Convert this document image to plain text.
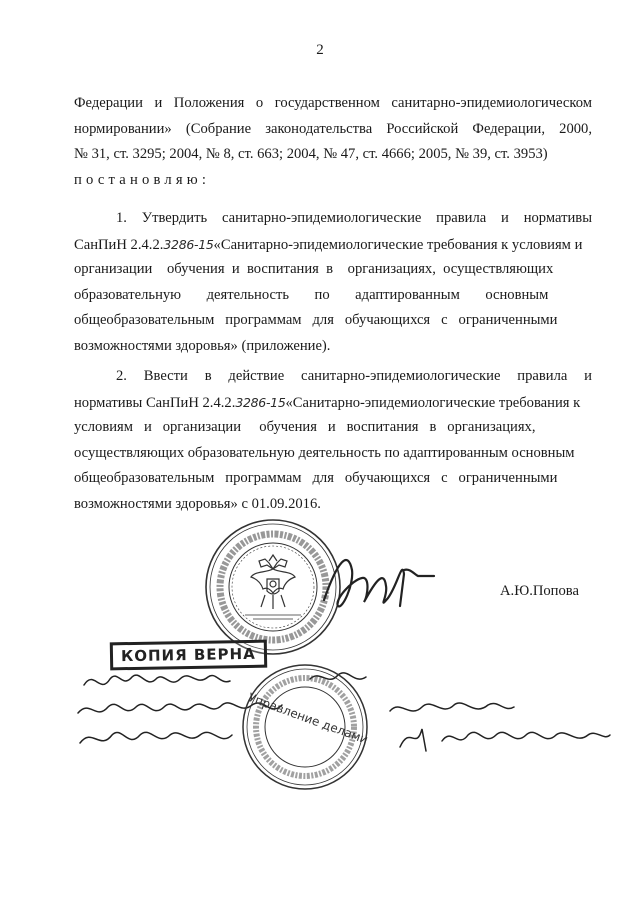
2
Федерации и Положения о государственном санитарно-эпидемиологическом
нормировании» (Собрание законодательства Российской Федерации, 2000,
№ 31, ст. 3295; 2004, № 8, ст. 663; 2004, № 47, ст. 4666; 2005, № 39, ст. 3953)
постановляю:
1. Утвердить санитарно-эпидемиологические правила и нормативы
СанПиН 2.4.2.3286-15«Санитарно-эпидемиологические требования к условиям и
организации    обучения  и  воспитания  в    организациях,  осуществляющих
образовательную       деятельность       по       адаптированным       основным
общеобразовательным   программам   для   обучающихся   с   ограниченными
возможностями здоровья» (приложение).
2. Ввести в действие санитарно-эпидемиологические правила и
нормативы СанПиН 2.4.2.3286-15«Санитарно-эпидемиологические требования к
условиям   и   организации     обучения   и   воспитания   в   организациях,
осуществляющих образовательную деятельность по адаптированным основным
общеобразовательным   программам   для   обучающихся   с   ограниченными
возможностями здоровья» с 01.09.2016.
А.Ю.Попова
КОПИЯ ВЕРНА
Управление делами
